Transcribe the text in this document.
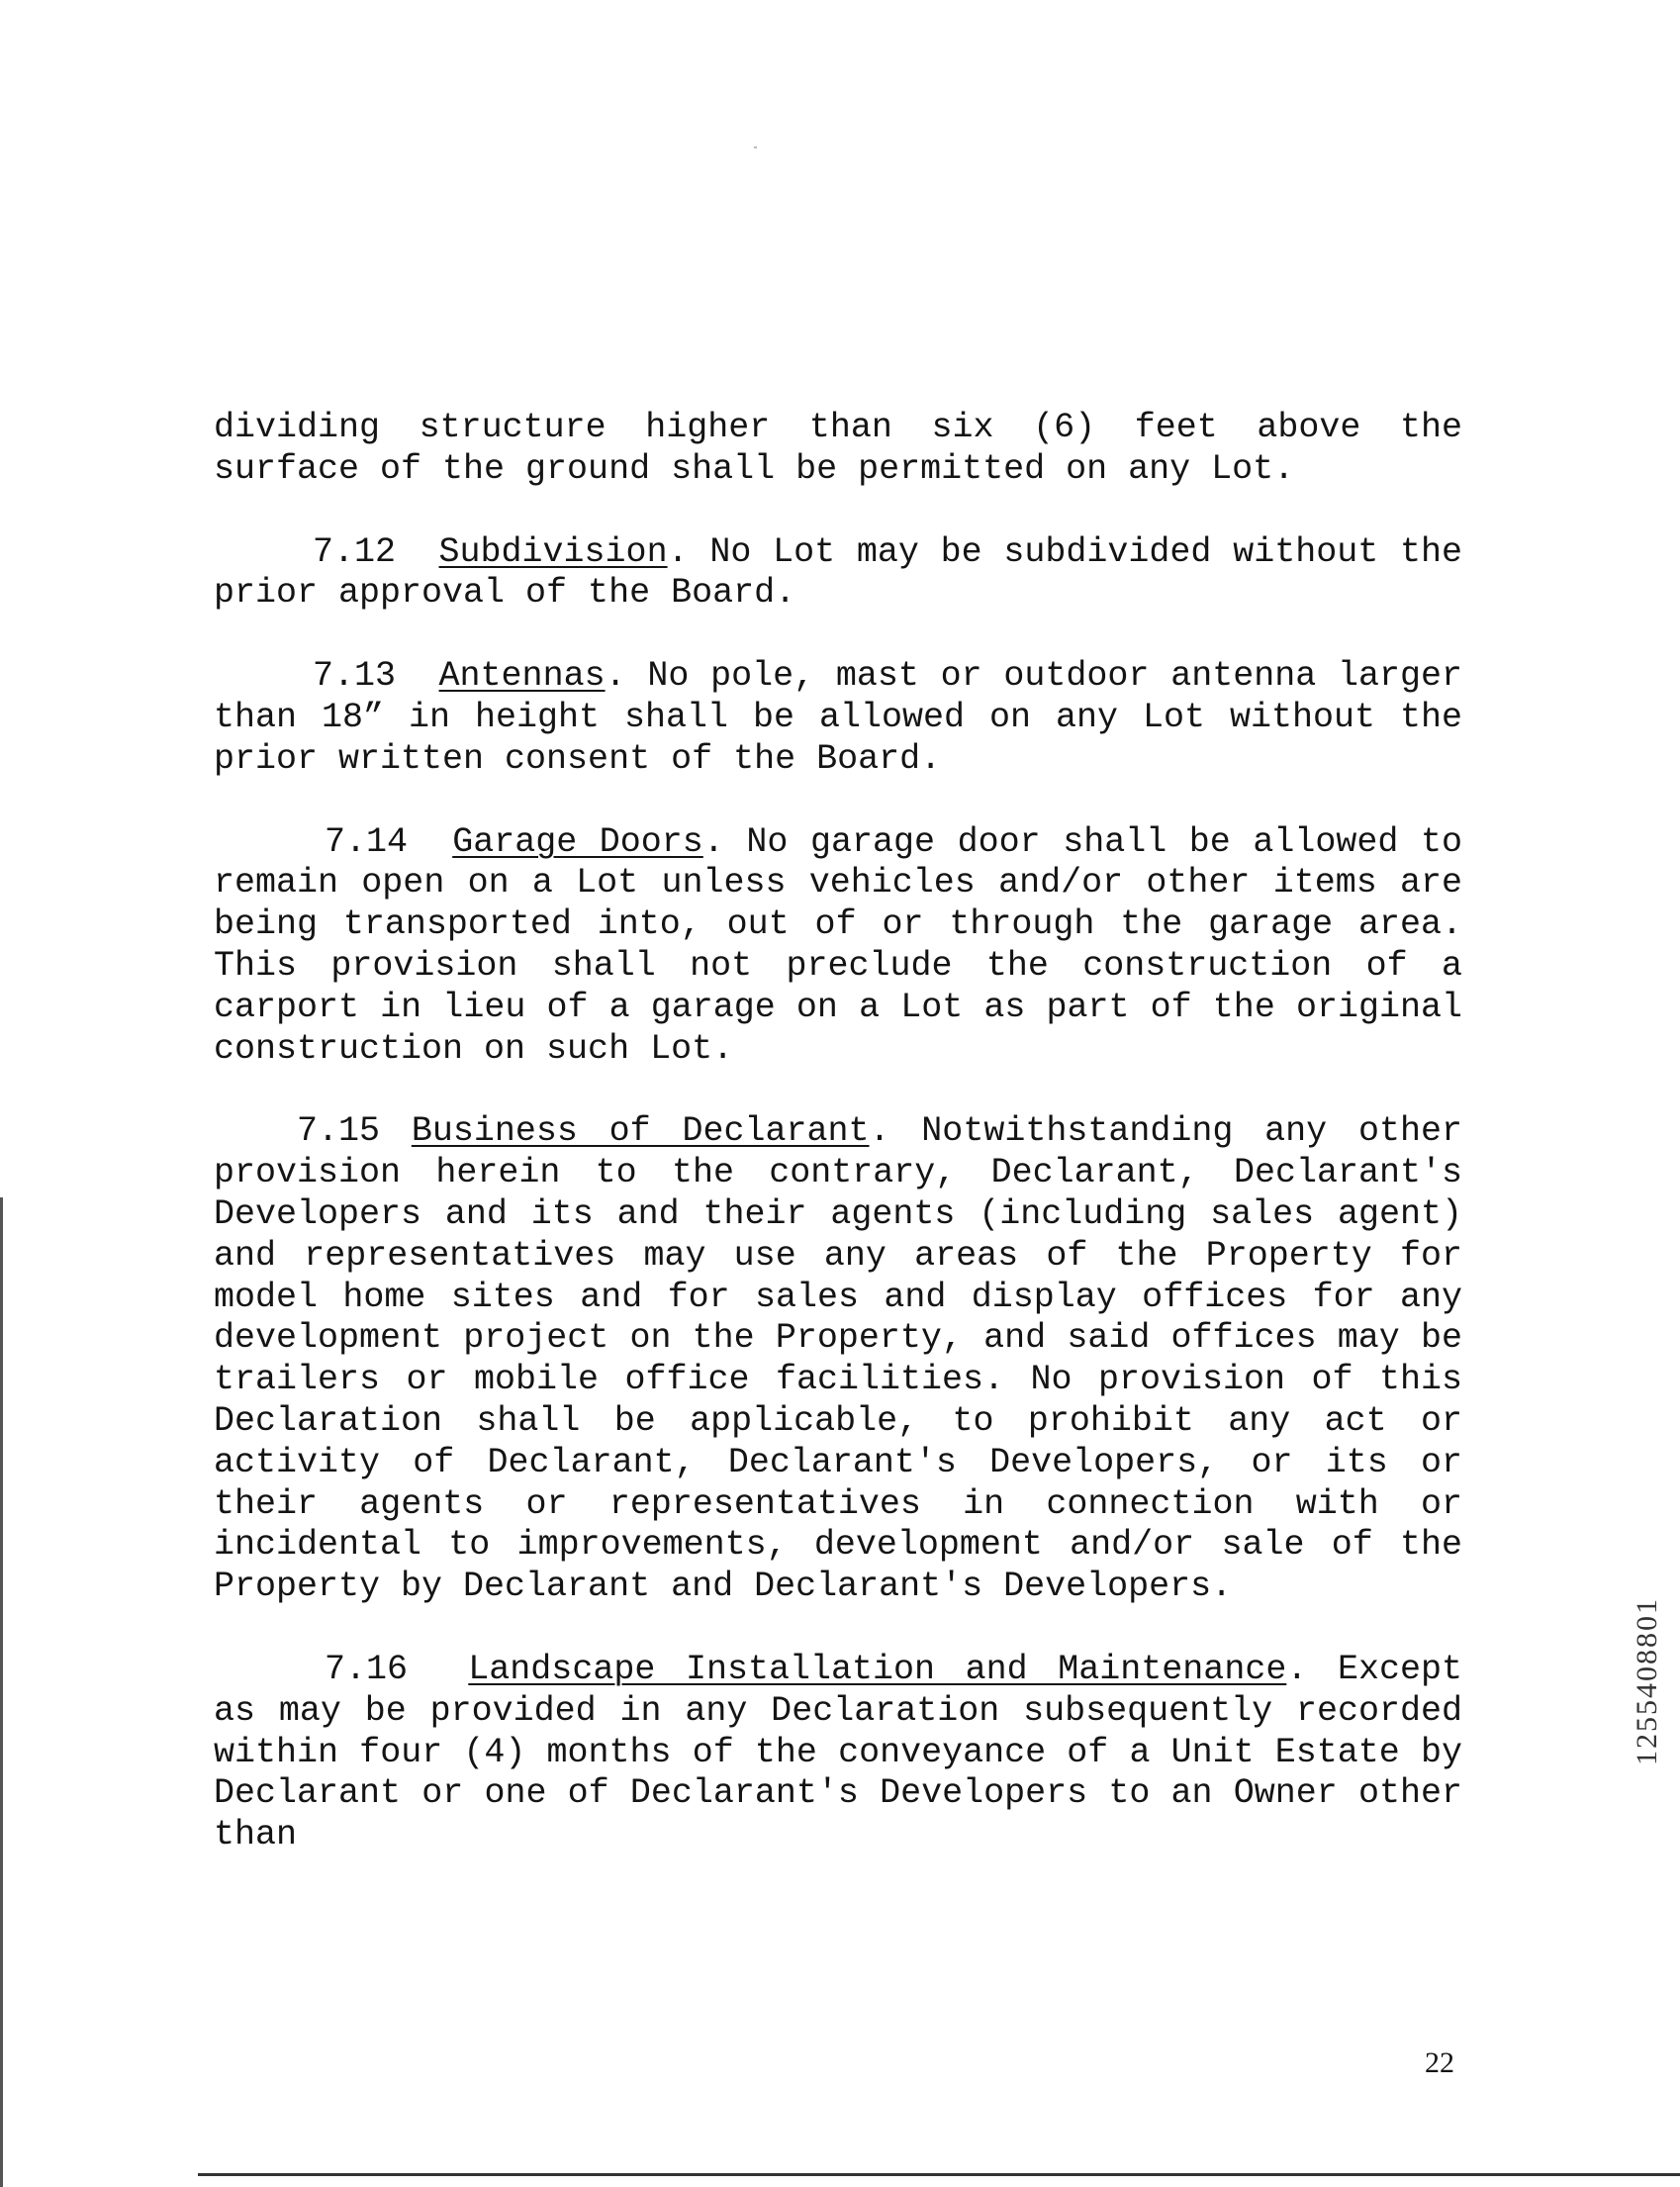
dividing structure higher than six (6) feet above the surface of the ground shall be permitted on any Lot.

7.12 Subdivision. No Lot may be subdivided without the prior approval of the Board.

7.13 Antennas. No pole, mast or outdoor antenna larger than 18” in height shall be allowed on any Lot without the prior written consent of the Board.

7.14 Garage Doors. No garage door shall be allowed to remain open on a Lot unless vehicles and/or other items are being transported into, out of or through the garage area. This provision shall not preclude the construction of a carport in lieu of a garage on a Lot as part of the original construction on such Lot.

7.15 Business of Declarant. Notwithstanding any other provision herein to the contrary, Declarant, Declarant's Developers and its and their agents (including sales agent) and representatives may use any areas of the Property for model home sites and for sales and display offices for any development project on the Property, and said offices may be trailers or mobile office facilities. No provision of this Declaration shall be applicable, to prohibit any act or activity of Declarant, Declarant's Developers, or its or their agents or representatives in connection with or incidental to improvements, development and/or sale of the Property by Declarant and Declarant's Developers.

7.16 Landscape Installation and Maintenance. Except as may be provided in any Declaration subsequently recorded within four (4) months of the conveyance of a Unit Estate by Declarant or one of Declarant's Developers to an Owner other than

1255408801
22
